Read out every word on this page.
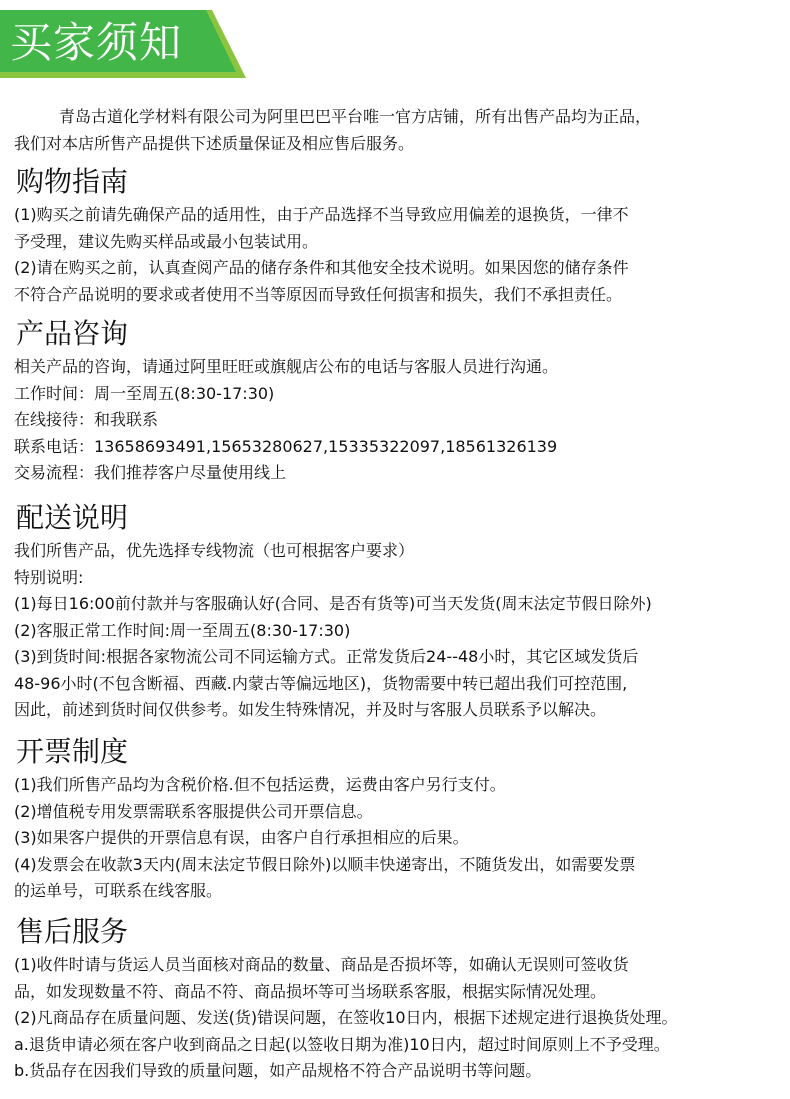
买家须知

青岛古道化学材料有限公司为阿里巴巴平台唯一官方店铺，所有出售产品均为正品，

我们对本店所售产品提供下述质量保证及相应售后服务。

购物指南

(1)购买之前请先确保产品的适用性，由于产品选择不当导致应用偏差的退换货，一律不

予受理，建议先购买样品或最小包装试用。

(2)请在购买之前，认真查阅产品的储存条件和其他安全技术说明。如果因您的储存条件

不符合产品说明的要求或者使用不当等原因而导致任何损害和损失，我们不承担责任。

产品咨询

相关产品的咨询，请通过阿里旺旺或旗舰店公布的电话与客服人员进行沟通。

工作时间：周一至周五(8:30-17:30)

在线接待：和我联系

联系电话：13658693491,15653280627,15335322097,18561326139

交易流程：我们推荐客户尽量使用线上

配送说明

我们所售产品，优先选择专线物流（也可根据客户要求）

特别说明:

(1)每日16:00前付款并与客服确认好(合同、是否有货等)可当天发货(周末法定节假日除外)

(2)客服正常工作时间:周一至周五(8:30-17:30)

(3)到货时间:根据各家物流公司不同运输方式。正常发货后24--48小时，其它区域发货后

48-96小时(不包含断福、西藏.内蒙古等偏远地区)，货物需要中转已超出我们可控范围,

因此，前述到货时间仅供参考。如发生特殊情况，并及时与客服人员联系予以解决。

开票制度

(1)我们所售产品均为含税价格.但不包括运费，运费由客户另行支付。

(2)增值税专用发票需联系客服提供公司开票信息。

(3)如果客户提供的开票信息有误，由客户自行承担相应的后果。

(4)发票会在收款3天内(周末法定节假日除外)以顺丰快递寄出，不随货发出，如需要发票

的运单号，可联系在线客服。

售后服务

(1)收件时请与货运人员当面核对商品的数量、商品是否损坏等，如确认无误则可签收货

品，如发现数量不符、商品不符、商品损坏等可当场联系客服，根据实际情况处理。

(2)凡商品存在质量问题、发送(货)错误问题，在签收10日内，根据下述规定进行退换货处理。

a.退货申请必须在客户收到商品之日起(以签收日期为准)10日内，超过时间原则上不予受理。

b.货品存在因我们导致的质量问题，如产品规格不符合产品说明书等问题。
